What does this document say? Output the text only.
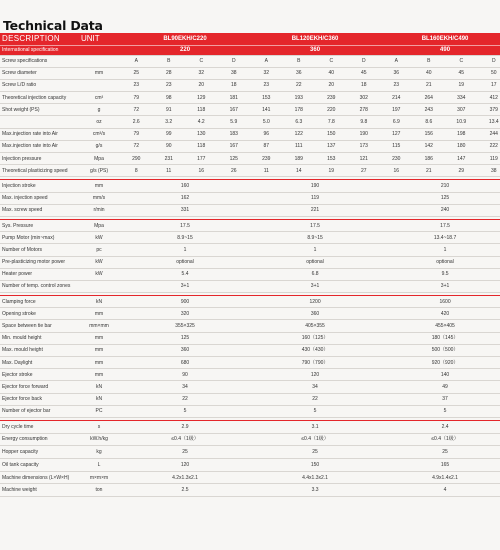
Technical Data
DESCRIPTION	UNIT	BL90EKH/C220				BL120EKH/C360				BL160EKH/C490			
International specification		220				360				490			
Screw specifications		A	B	C	D	A	B	C	D	A	B	C	D
Screw diameter	mm	25	28	32	38	32	36	40	45	36	40	45	50
Screw L/D ratio		23	23	20	18	23	22	20	18	23	21	19	17
Theoretical injection capacity	cm³	79	98	129	181	153	193	239	302	214	264	334	412
Shot weight (PS)	g	72	91	118	167	141	178	220	278	197	243	307	379
	oz	2.6	3.2	4.2	5.9	5.0	6.3	7.8	9.8	6.9	8.6	10.9	13.4
Max.injection rate into Air	cm³/s	79	99	130	183	96	122	150	190	127	156	198	244
Max.injection rate into Air	g/s	72	90	118	167	87	111	137	173	115	142	180	222
Injection pressure	Mpa	290	231	177	125	239	189	153	121	230	186	147	119
Theoretical plasticizing speed	g/s (PS)	8	11	16	26	11	14	19	27	16	21	29	38

Injection stroke	mm	160				190				210			
Max. injection speed	mm/s	162				119				125			
Max. screw speed	r/min	331				221				240			

Sys. Pressure	Mpa	17.5				17.5				17.5			
Pump Motor (min~max)	kW	8.9~15				8.9~15				13.4~18.7			
Number of Motors	pc	1				1				1			
Pre-plasticizing motor power	kW	optional				optional				optional			
Heater power	kW	5.4				6.8				9.5			
Number of temp. control zones		3+1				3+1				3+1			

Clamping force	kN	900				1200				1600			
Opening stroke	mm	320				360				420			
Space between tie bar	mm×mm	355×325				405×355				455×405			
Min. mould height	mm	125				160（125）				180（145）			
Max. mould height	mm	360				430（430）				500（500）			
Max. Daylight	mm	680				790（790）				920（920）			
Ejector stroke	mm	90				120				140			
Ejector force forward	kN	34				34				49			
Ejector force back	kN	22				22				37			
Number of ejector bar	PC	5				5				5			

Dry cycle time	s	2.9				3.1				2.4			
Energy consumption	kW.h/kg	≤0.4（1级）				≤0.4（1级）				≤0.4（1级）			
Hopper capacity	kg	25				25				25			
Oil tank capacity	L	120				150				165			
Machine dimensions (L×W×H)	m×m×m	4.2x1.3x2.1				4.4x1.3x2.1				4.9x1.4x2.1			
Machine weight	ton	2.5				3.3				4			
